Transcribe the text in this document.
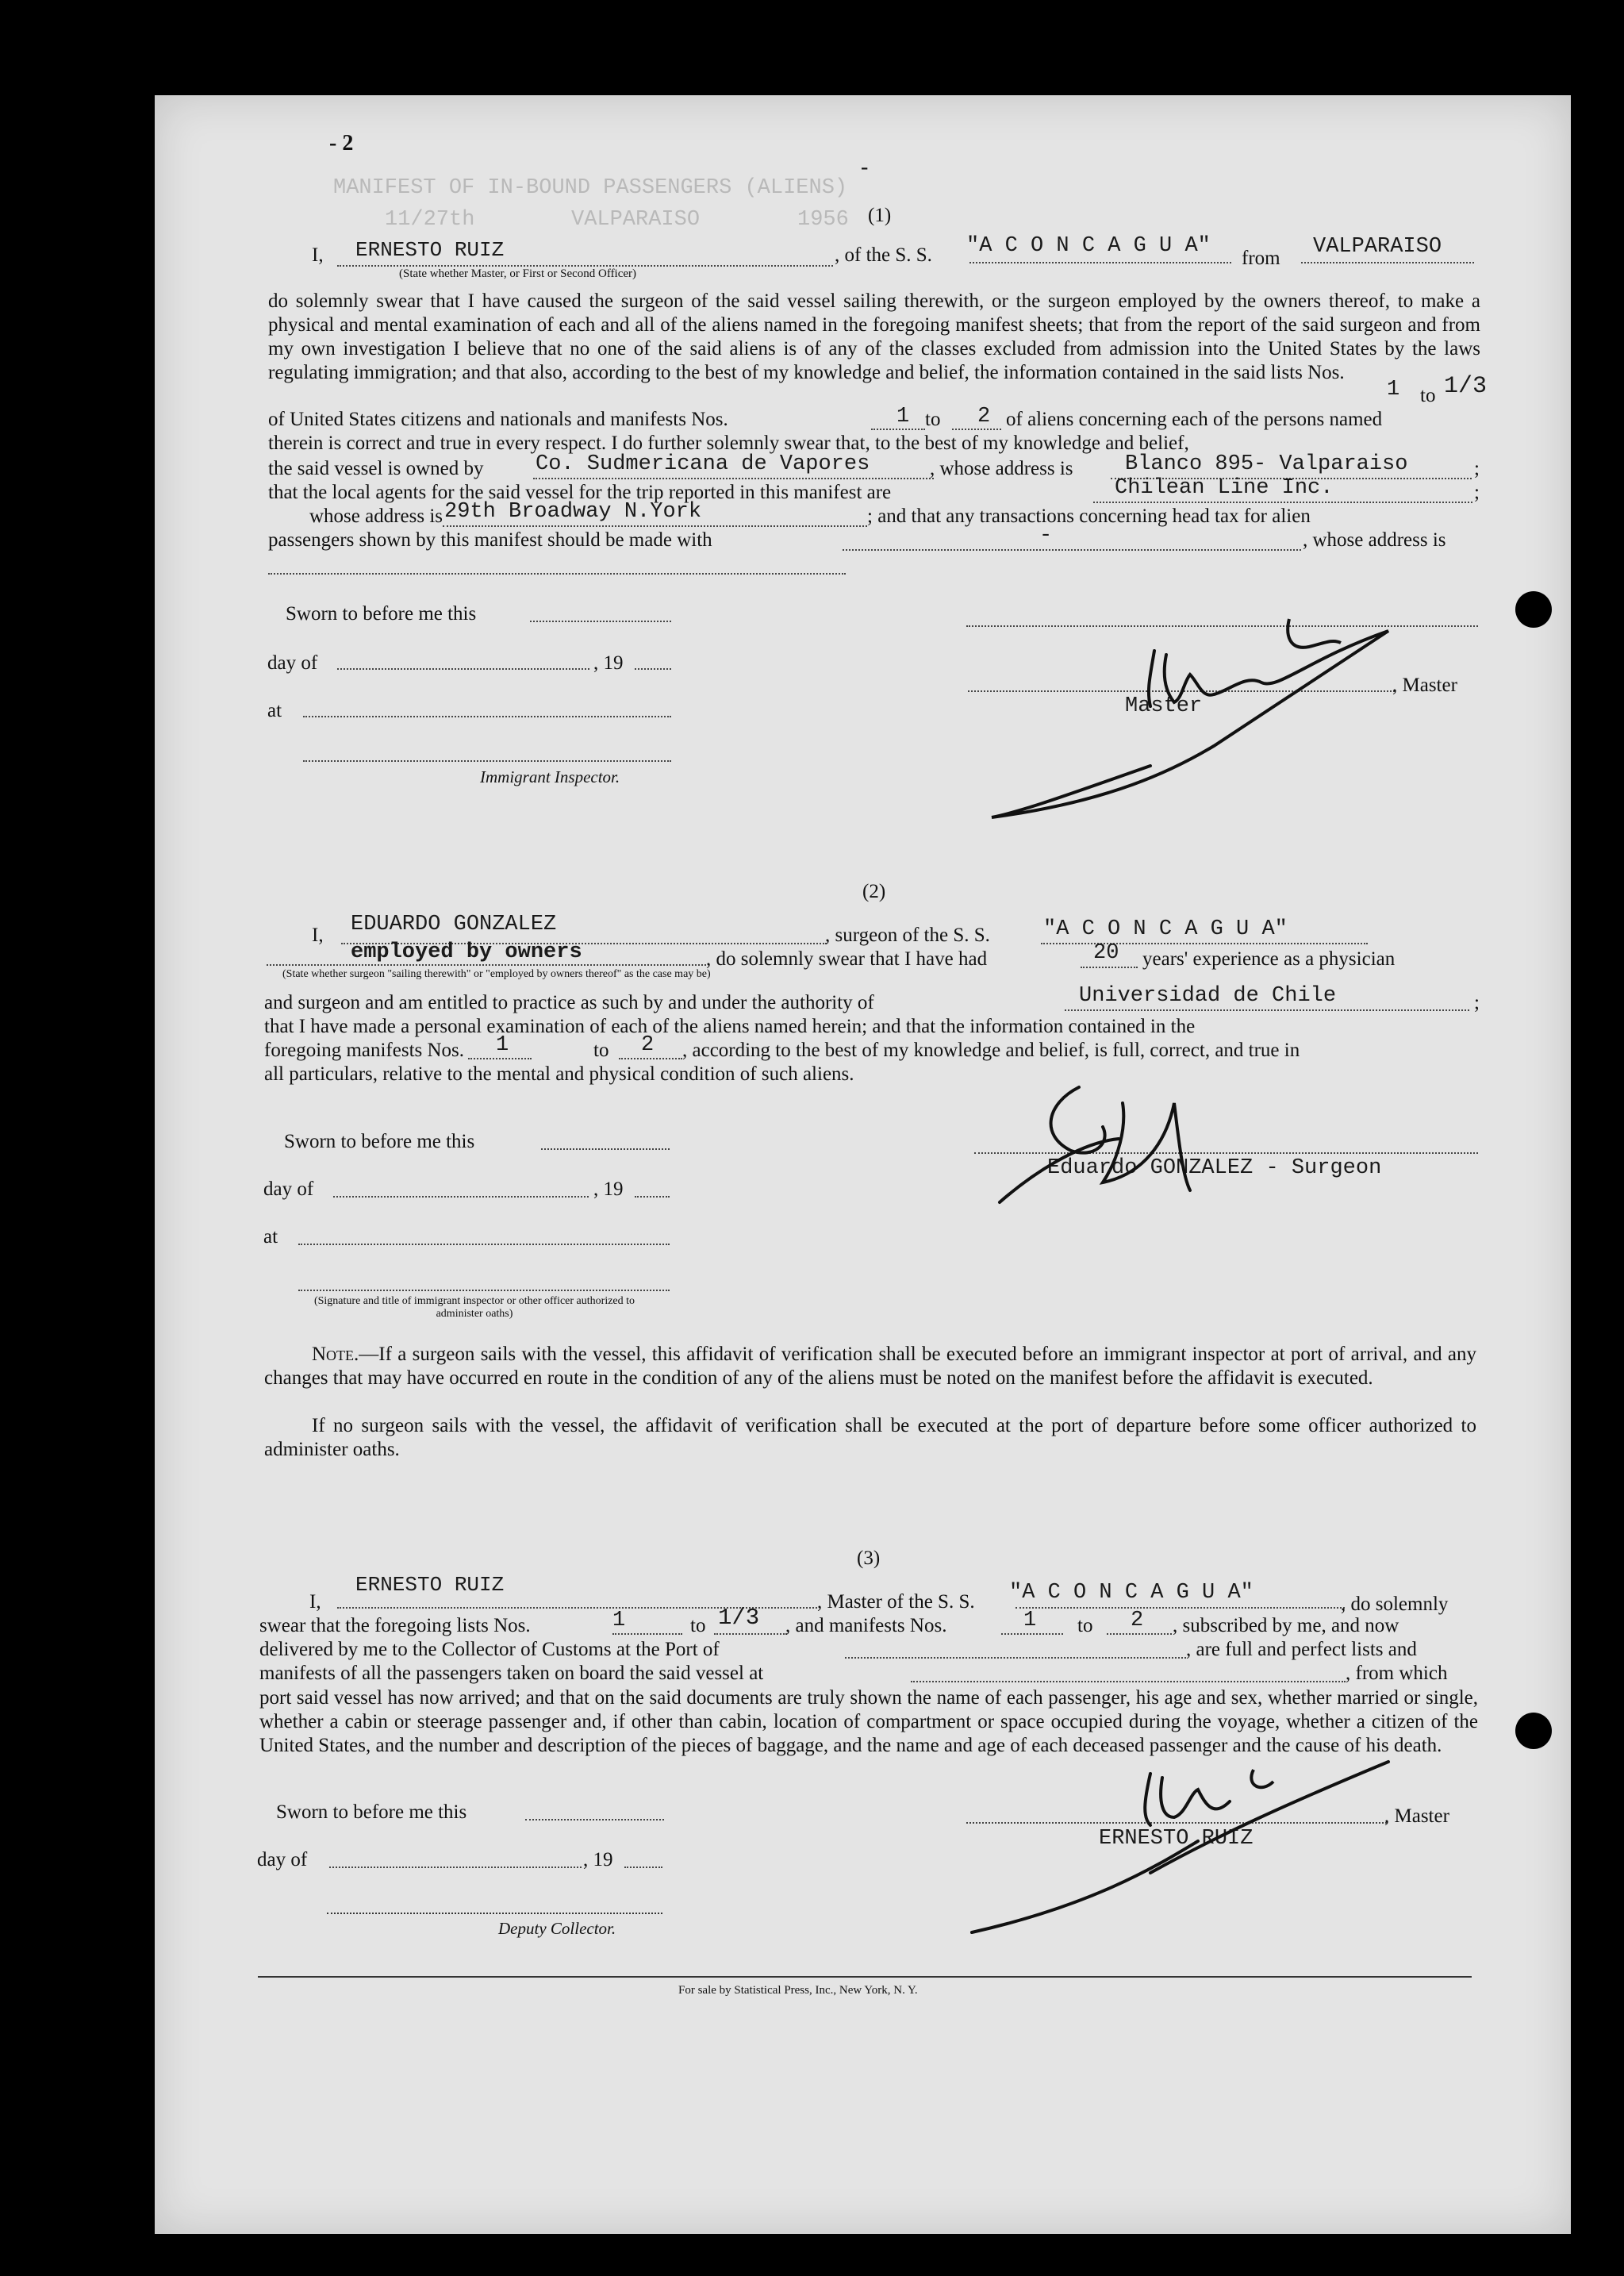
- 2
-
MANIFEST OF IN-BOUND PASSENGERS (ALIENS)
VALPARAISO
11/27th	1956 (1)
I, ERNESTO RUIZ
(State whether Master, or First or Second Officer)
, of the S. S. "A C O N C A G U A"
from VALPARAISO
do solemnly swear that I have caused the surgeon of the said vessel sailing therewith, or the surgeon employed by the owners thereof, to make a physical and mental examination of each and all of the aliens named in the foregoing manifest sheets; that from the report of the said surgeon and from my own investigation I believe that no one of the said aliens is of any of the classes excluded from admission into the United States by the laws regulating immigration; and that also, according to the best of my knowledge and belief, the information contained in the said lists Nos.
1 to 1/3
of United States citizens and nationals and manifests Nos.	1 to 2 of aliens concerning each of the persons named
therein is correct and true in every respect. I do further solemnly swear that, to the best of my knowledge and belief,
the said vessel is owned by Co. Sudmericana de Vapores	, whose address is Blanco 895- Valparaiso	;
that the local agents for the said vessel for the trip reported in this manifest are	Chilean Line Inc.	;
whose address is 29th Broadway N.York	; and that any transactions concerning head tax for alien
passengers shown by this manifest should be made with	-	, whose address is
Sworn to before me this
day of	, 19
at
Immigrant Inspector.
, Master
Master
(2)
I, EDUARDO GONZALEZ	, surgeon of the S. S. "A C O N C A G U A"
employed by owners
(State whether surgeon "sailing therewith" or "employed by owners thereof" as the case may be)
, do solemnly swear that I have had	20 years' experience as a physician
and surgeon and am entitled to practice as such by and under the authority of	Universidad de Chile	;
that I have made a personal examination of each of the aliens named herein; and that the information contained in the
foregoing manifests Nos. 1	to 2 , according to the best of my knowledge and belief, is full, correct, and true in
all particulars, relative to the mental and physical condition of such aliens.
Sworn to before me this
day of	, 19
at
(Signature and title of immigrant inspector or other officer authorized to administer oaths)
Eduardo GONZALEZ - Surgeon
Note.—If a surgeon sails with the vessel, this affidavit of verification shall be executed before an immigrant inspector at port of arrival, and any changes that may have occurred en route in the condition of any of the aliens must be noted on the manifest before the affidavit is executed.
If no surgeon sails with the vessel, the affidavit of verification shall be executed at the port of departure before some officer authorized to administer oaths.
(3)
I,
ERNESTO RUIZ
, Master of the S. S. "A C O N C A G U A"	, do solemnly
swear that the foregoing lists Nos.	1	to 1/3 , and manifests Nos.	1 to 2 , subscribed by me, and now
delivered by me to the Collector of Customs at the Port of	, are full and perfect lists and
manifests of all the passengers taken on board the said vessel at	, from which
port said vessel has now arrived; and that on the said documents are truly shown the name of each passenger, his age and sex, whether married or single, whether a cabin or steerage passenger and, if other than cabin, location of compartment or space occupied during the voyage, whether a citizen of the United States, and the number and description of the pieces of baggage, and the name and age of each deceased passenger and the cause of his death.
Sworn to before me this
day of	, 19
Deputy Collector.
, Master
ERNESTO RUIZ
For sale by Statistical Press, Inc., New York, N. Y.
